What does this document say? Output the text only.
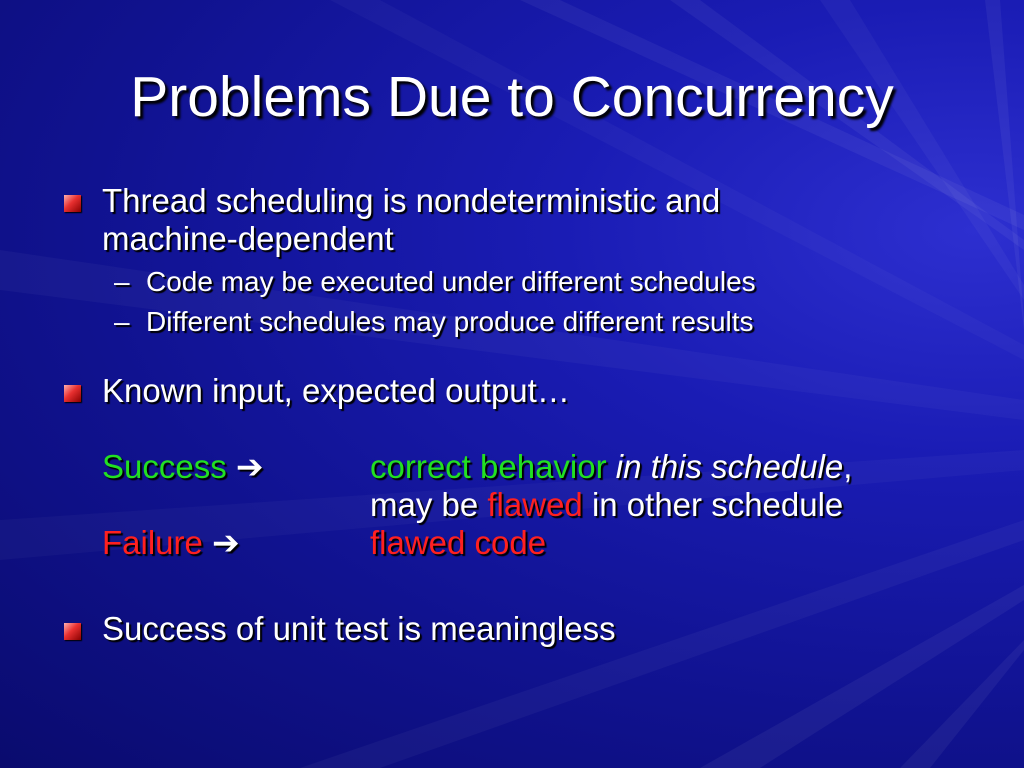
Problems Due to Concurrency
Thread scheduling is nondeterministic and
machine-dependent
– Code may be executed under different schedules
– Different schedules may produce different results
Known input, expected output…
Success ➔	correct behavior in this schedule,
may be flawed in other schedule
Failure ➔	flawed code
Success of unit test is meaningless
